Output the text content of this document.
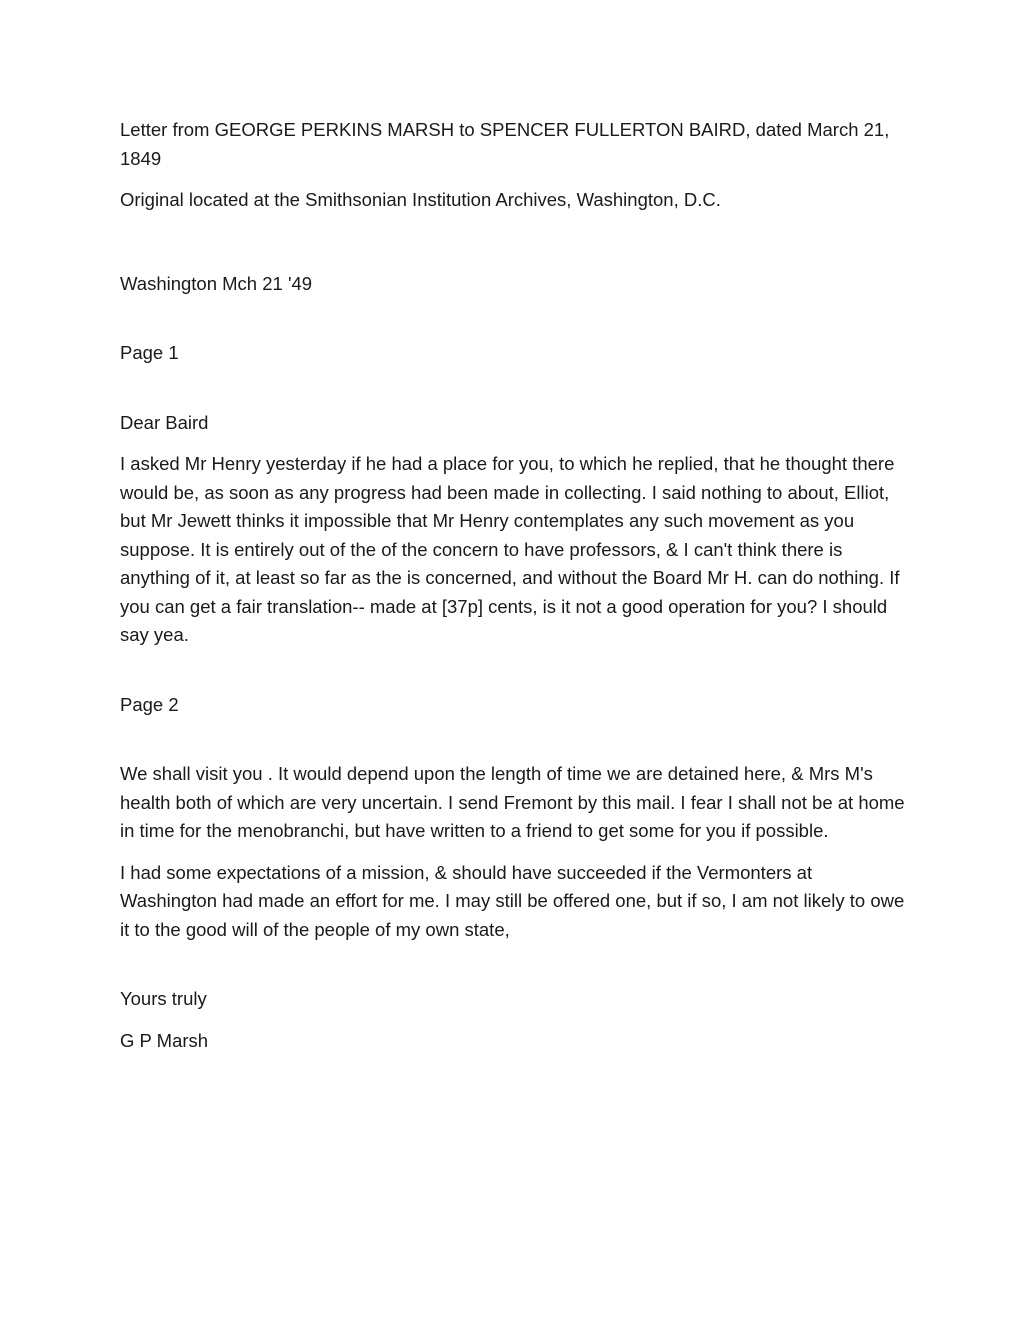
Letter from GEORGE PERKINS MARSH to SPENCER FULLERTON BAIRD, dated March 21, 1849

Original located at the Smithsonian Institution Archives, Washington, D.C.

Washington Mch 21 '49

Page 1

Dear Baird

I asked Mr Henry yesterday if he had a place for you, to which he replied, that he thought there would be, as soon as any progress had been made in collecting. I said nothing to about, Elliot, but Mr Jewett thinks it impossible that Mr Henry contemplates any such movement as you suppose. It is entirely out of the of the concern to have professors, & I can't think there is anything of it, at least so far as the is concerned, and without the Board Mr H. can do nothing. If you can get a fair translation-- made at [37p] cents, is it not a good operation for you? I should say yea.

Page 2

We shall visit you . It would depend upon the length of time we are detained here, & Mrs M's health both of which are very uncertain. I send Fremont by this mail. I fear I shall not be at home in time for the menobranchi, but have written to a friend to get some for you if possible.

I had some expectations of a mission, & should have succeeded if the Vermonters at Washington had made an effort for me. I may still be offered one, but if so, I am not likely to owe it to the good will of the people of my own state,

Yours truly

G P Marsh
